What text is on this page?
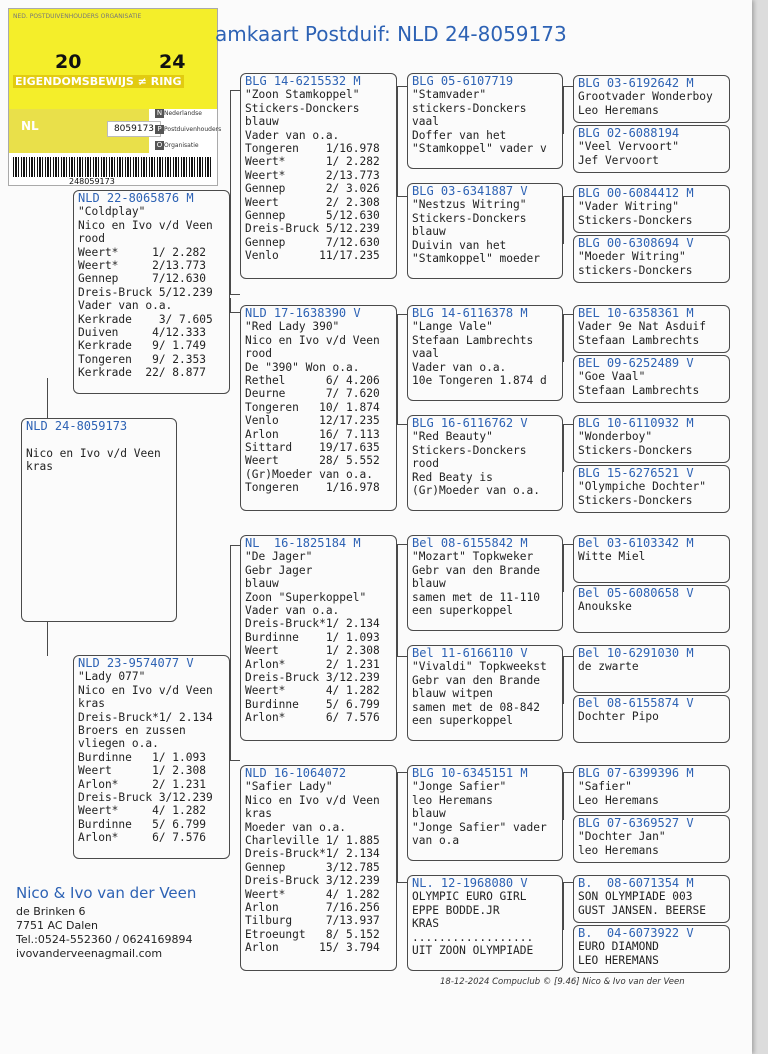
NED. POSTDUIVENHOUDERS ORGANISATIE
20	24
EIGENDOMSBEWIJS ≠ RING
NL	8059173
N Nederlandse
P Postduivenhouders
O Organisatie
248059173
amkaart Postduif: NLD 24-8059173
NLD 24-8059173
Nico en Ivo v/d Veen
kras
NLD 22-8065876 M
"Coldplay"
Nico en Ivo v/d Veen
rood
Weert*     1/ 2.282
Weert*     2/13.773
Gennep     7/12.630
Dreis-Bruck 5/12.239
Vader van o.a.
Kerkrade    3/ 7.605
Duiven     4/12.333
Kerkrade   9/ 1.749
Tongeren   9/ 2.353
Kerkrade  22/ 8.877
NLD 23-9574077 V
"Lady 077"
Nico en Ivo v/d Veen
kras
Dreis-Bruck*1/ 2.134
Broers en zussen
vliegen o.a.
Burdinne   1/ 1.093
Weert      1/ 2.308
Arlon*     2/ 1.231
Dreis-Bruck 3/12.239
Weert*     4/ 1.282
Burdinne   5/ 6.799
Arlon*     6/ 7.576
BLG 14-6215532 M
"Zoon Stamkoppel"
Stickers-Donckers
blauw
Vader van o.a.
Tongeren    1/16.978
Weert*      1/ 2.282
Weert*      2/13.773
Gennep      2/ 3.026
Weert       2/ 2.308
Gennep      5/12.630
Dreis-Bruck 5/12.239
Gennep      7/12.630
Venlo      11/17.235
NLD 17-1638390 V
"Red Lady 390"
Nico en Ivo v/d Veen
rood
De "390" Won o.a.
Rethel      6/ 4.206
Deurne      7/ 7.620
Tongeren   10/ 1.874
Venlo      12/17.235
Arlon      16/ 7.113
Sittard    19/17.635
Weert      28/ 5.552
(Gr)Moeder van o.a.
Tongeren    1/16.978
NL  16-1825184 M
"De Jager"
Gebr Jager
blauw
Zoon "Superkoppel"
Vader van o.a.
Dreis-Bruck*1/ 2.134
Burdinne    1/ 1.093
Weert       1/ 2.308
Arlon*      2/ 1.231
Dreis-Bruck 3/12.239
Weert*      4/ 1.282
Burdinne    5/ 6.799
Arlon*      6/ 7.576
NLD 16-1064072
"Safier Lady"
Nico en Ivo v/d Veen
kras
Moeder van o.a.
Charleville 1/ 1.885
Dreis-Bruck*1/ 2.134
Gennep      3/12.785
Dreis-Bruck 3/12.239
Weert*      4/ 1.282
Arlon       7/16.256
Tilburg     7/13.937
Etroeungt   8/ 5.152
Arlon      15/ 3.794
BLG 05-6107719
"Stamvader"
stickers-Donckers
vaal
Doffer van het
"Stamkoppel" vader v
BLG 03-6341887 V
"Nestzus Witring"
Stickers-Donckers
blauw
Duivin van het
"Stamkoppel" moeder
BLG 14-6116378 M
"Lange Vale"
Stefaan Lambrechts
vaal
Vader van o.a.
10e Tongeren 1.874 d
BLG 16-6116762 V
"Red Beauty"
Stickers-Donckers
rood
Red Beaty is
(Gr)Moeder van o.a.
Bel 08-6155842 M
"Mozart" Topkweker
Gebr van den Brande
blauw
samen met de 11-110
een superkoppel
Bel 11-6166110 V
"Vivaldi" Topkweekst
Gebr van den Brande
blauw witpen
samen met de 08-842
een superkoppel
BLG 10-6345151 M
"Jonge Safier"
leo Heremans
blauw
"Jonge Safier" vader
van o.a
NL. 12-1968080 V
OLYMPIC EURO GIRL
EPPE BODDE.JR
KRAS
..................
UIT ZOON OLYMPIADE
BLG 03-6192642 M
Grootvader Wonderboy
Leo Heremans
BLG 02-6088194
"Veel Vervoort"
Jef Vervoort
BLG 00-6084412 M
"Vader Witring"
Stickers-Donckers
BLG 00-6308694 V
"Moeder Witring"
stickers-Donckers
BEL 10-6358361 M
Vader 9e Nat Asduif
Stefaan Lambrechts
BEL 09-6252489 V
"Goe Vaal"
Stefaan Lambrechts
BLG 10-6110932 M
"Wonderboy"
Stickers-Donckers
BLG 15-6276521 V
"Olympiche Dochter"
Stickers-Donckers
Bel 03-6103342 M
Witte Miel
Bel 05-6080658 V
Anoukske
Bel 10-6291030 M
de zwarte
Bel 08-6155874 V
Dochter Pipo
BLG 07-6399396 M
"Safier"
Leo Heremans
BLG 07-6369527 V
"Dochter Jan"
leo Heremans
B.  08-6071354 M
SON OLYMPIADE 003
GUST JANSEN. BEERSE
B.  04-6073922 V
EURO DIAMOND
LEO HEREMANS
Nico & Ivo van der Veen
de Brinken 6
7751 AC Dalen
Tel.:0524-552360 / 0624169894
ivovanderveenagmail.com
18-12-2024 Compuclub © [9.46] Nico & Ivo van der Veen
